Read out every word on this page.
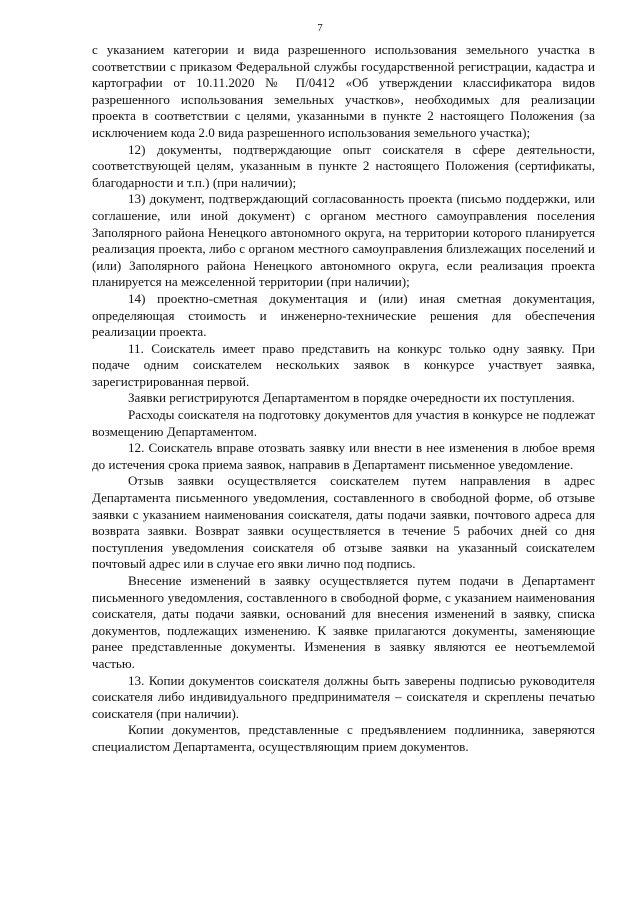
7

с указанием категории и вида разрешенного использования земельного участка в соответствии с приказом Федеральной службы государственной регистрации, кадастра и картографии от 10.11.2020 № П/0412 «Об утверждении классификатора видов разрешенного использования земельных участков», необходимых для реализации проекта в соответствии с целями, указанными в пункте 2 настоящего Положения (за исключением кода 2.0 вида разрешенного использования земельного участка);

12) документы, подтверждающие опыт соискателя в сфере деятельности, соответствующей целям, указанным в пункте 2 настоящего Положения (сертификаты, благодарности и т.п.) (при наличии);

13) документ, подтверждающий согласованность проекта (письмо поддержки, или соглашение, или иной документ) с органом местного самоуправления поселения Заполярного района Ненецкого автономного округа, на территории которого планируется реализация проекта, либо с органом местного самоуправления близлежащих поселений и (или) Заполярного района Ненецкого автономного округа, если реализация проекта планируется на межселенной территории (при наличии);

14) проектно-сметная документация и (или) иная сметная документация, определяющая стоимость и инженерно-технические решения для обеспечения реализации проекта.

11. Соискатель имеет право представить на конкурс только одну заявку. При подаче одним соискателем нескольких заявок в конкурсе участвует заявка, зарегистрированная первой.

Заявки регистрируются Департаментом в порядке очередности их поступления.

Расходы соискателя на подготовку документов для участия в конкурсе не подлежат возмещению Департаментом.

12. Соискатель вправе отозвать заявку или внести в нее изменения в любое время до истечения срока приема заявок, направив в Департамент письменное уведомление.

Отзыв заявки осуществляется соискателем путем направления в адрес Департамента письменного уведомления, составленного в свободной форме, об отзыве заявки с указанием наименования соискателя, даты подачи заявки, почтового адреса для возврата заявки. Возврат заявки осуществляется в течение 5 рабочих дней со дня поступления уведомления соискателя об отзыве заявки на указанный соискателем почтовый адрес или в случае его явки лично под подпись.

Внесение изменений в заявку осуществляется путем подачи в Департамент письменного уведомления, составленного в свободной форме, с указанием наименования соискателя, даты подачи заявки, оснований для внесения изменений в заявку, списка документов, подлежащих изменению. К заявке прилагаются документы, заменяющие ранее представленные документы. Изменения в заявку являются ее неотъемлемой частью.

13. Копии документов соискателя должны быть заверены подписью руководителя соискателя либо индивидуального предпринимателя – соискателя и скреплены печатью соискателя (при наличии).

Копии документов, представленные с предъявлением подлинника, заверяются специалистом Департамента, осуществляющим прием документов.
